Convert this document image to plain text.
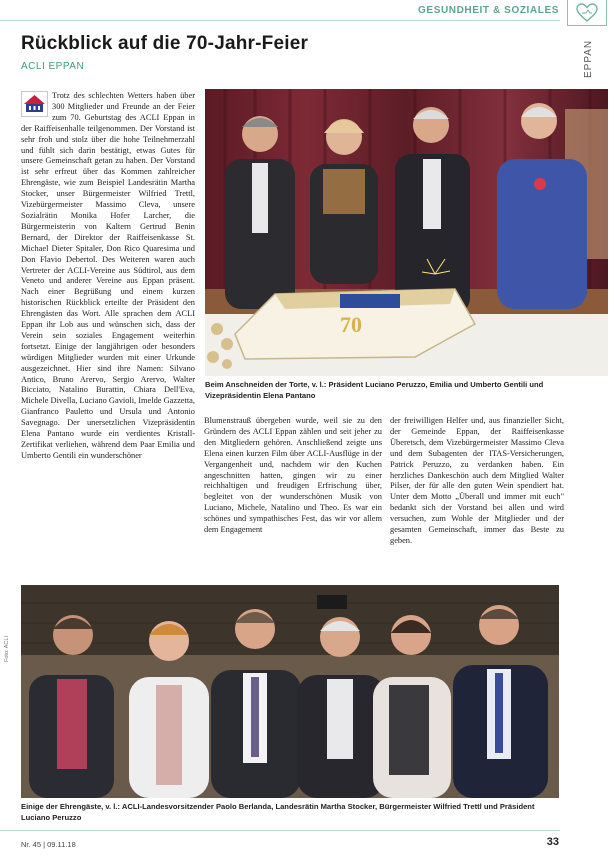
GESUNDHEIT & SOZIALES
EPPAN
Rückblick auf die 70-Jahr-Feier
ACLI EPPAN
Trotz des schlechten Wetters haben über 300 Mitglieder und Freunde an der Feier zum 70. Geburtstag des ACLI Eppan in der Raiffeisenhalle teilgenommen. Der Vorstand ist sehr froh und stolz über die hohe Teilnehmerzahl und fühlt sich darin bestätigt, etwas Gutes für unsere Gemeinschaft getan zu haben. Der Vorstand ist sehr erfreut über das Kommen zahlreicher Ehrengäste, wie zum Beispiel Landesrätin Martha Stocker, unser Bürgermeister Wilfried Trettl, Vizebürgermeister Massimo Cleva, unsere Sozialrätin Monika Hofer Larcher, die Bürgermeisterin von Kaltern Gertrud Benin Bernard, der Direktor der Raiffeisenkasse St. Michael Dieter Spitaler, Don Rico Quaresima und Don Flavio Debertol. Des Weiteren waren auch Vertreter der ACLI-Vereine aus Südtirol, aus dem Veneto und anderer Vereine aus Eppan präsent. Nach einer Begrüßung und einem kurzen historischen Rückblick erteilte der Präsident den Ehrengästen das Wort. Alle sprachen dem ACLI Eppan ihr Lob aus und wünschen sich, dass der Verein sein soziales Engagement weiterhin fortsetzt. Einige der langjährigen oder besonders würdigen Mitglieder wurden mit einer Urkunde ausgezeichnet. Hier sind ihre Namen: Silvano Antico, Bruno Arervo, Sergio Arervo, Walter Bicciato, Natalino Burattin, Chiara Dell'Eva, Michele Divella, Luciano Gavioli, Imelde Gazzetta, Gianfranco Pauletto und Ursula und Antonio Savegnago. Der unersetzlichen Vizepräsidentin Elena Pantano wurde ein verdientes Kristall-Zertifikat verliehen, während dem Paar Emilia und Umberto Gentili ein wunderschöner
70
Beim Anschneiden der Torte, v. l.: Präsident Luciano Peruzzo, Emilia und Umberto Gentili und Vizepräsidentin Elena Pantano
Blumenstrauß übergeben wurde, weil sie zu den Gründern des ACLI Eppan zählen und seit jeher zu den Mitgliedern gehören. Anschließend zeigte uns Elena einen kurzen Film über ACLI-Ausflüge in der Vergangenheit und, nachdem wir den Kuchen angeschnitten hatten, gingen wir zu einer reichhaltigen und freudigen Erfrischung über, begleitet von der wunderschönen Musik von Luciano, Michele, Natalino und Theo. Es war ein schönes und sympathisches Fest, das wir vor allem dem Engagement
der freiwilligen Helfer und, aus finanzieller Sicht, der Gemeinde Eppan, der Raiffeisenkasse Überetsch, dem Vizebürgermeister Massimo Cleva und dem Subagenten der ITAS-Versicherungen, Patrick Peruzzo, zu verdanken haben. Ein herzliches Dankeschön auch dem Mitglied Walter Pilser, der für alle den guten Wein spendiert hat. Unter dem Motto „Überall und immer mit euch" bedankt sich der Vorstand bei allen und wird versuchen, zum Wohle der Mitglieder und der gesamten Gemeinschaft, immer das Beste zu geben.
Foto: ACLI
Einige der Ehrengäste, v. l.: ACLI-Landesvorsitzender Paolo Berlanda, Landesrätin Martha Stocker, Bürgermeister Wilfried Trettl und Präsident Luciano Peruzzo
Nr. 45 | 09.11.18	33
